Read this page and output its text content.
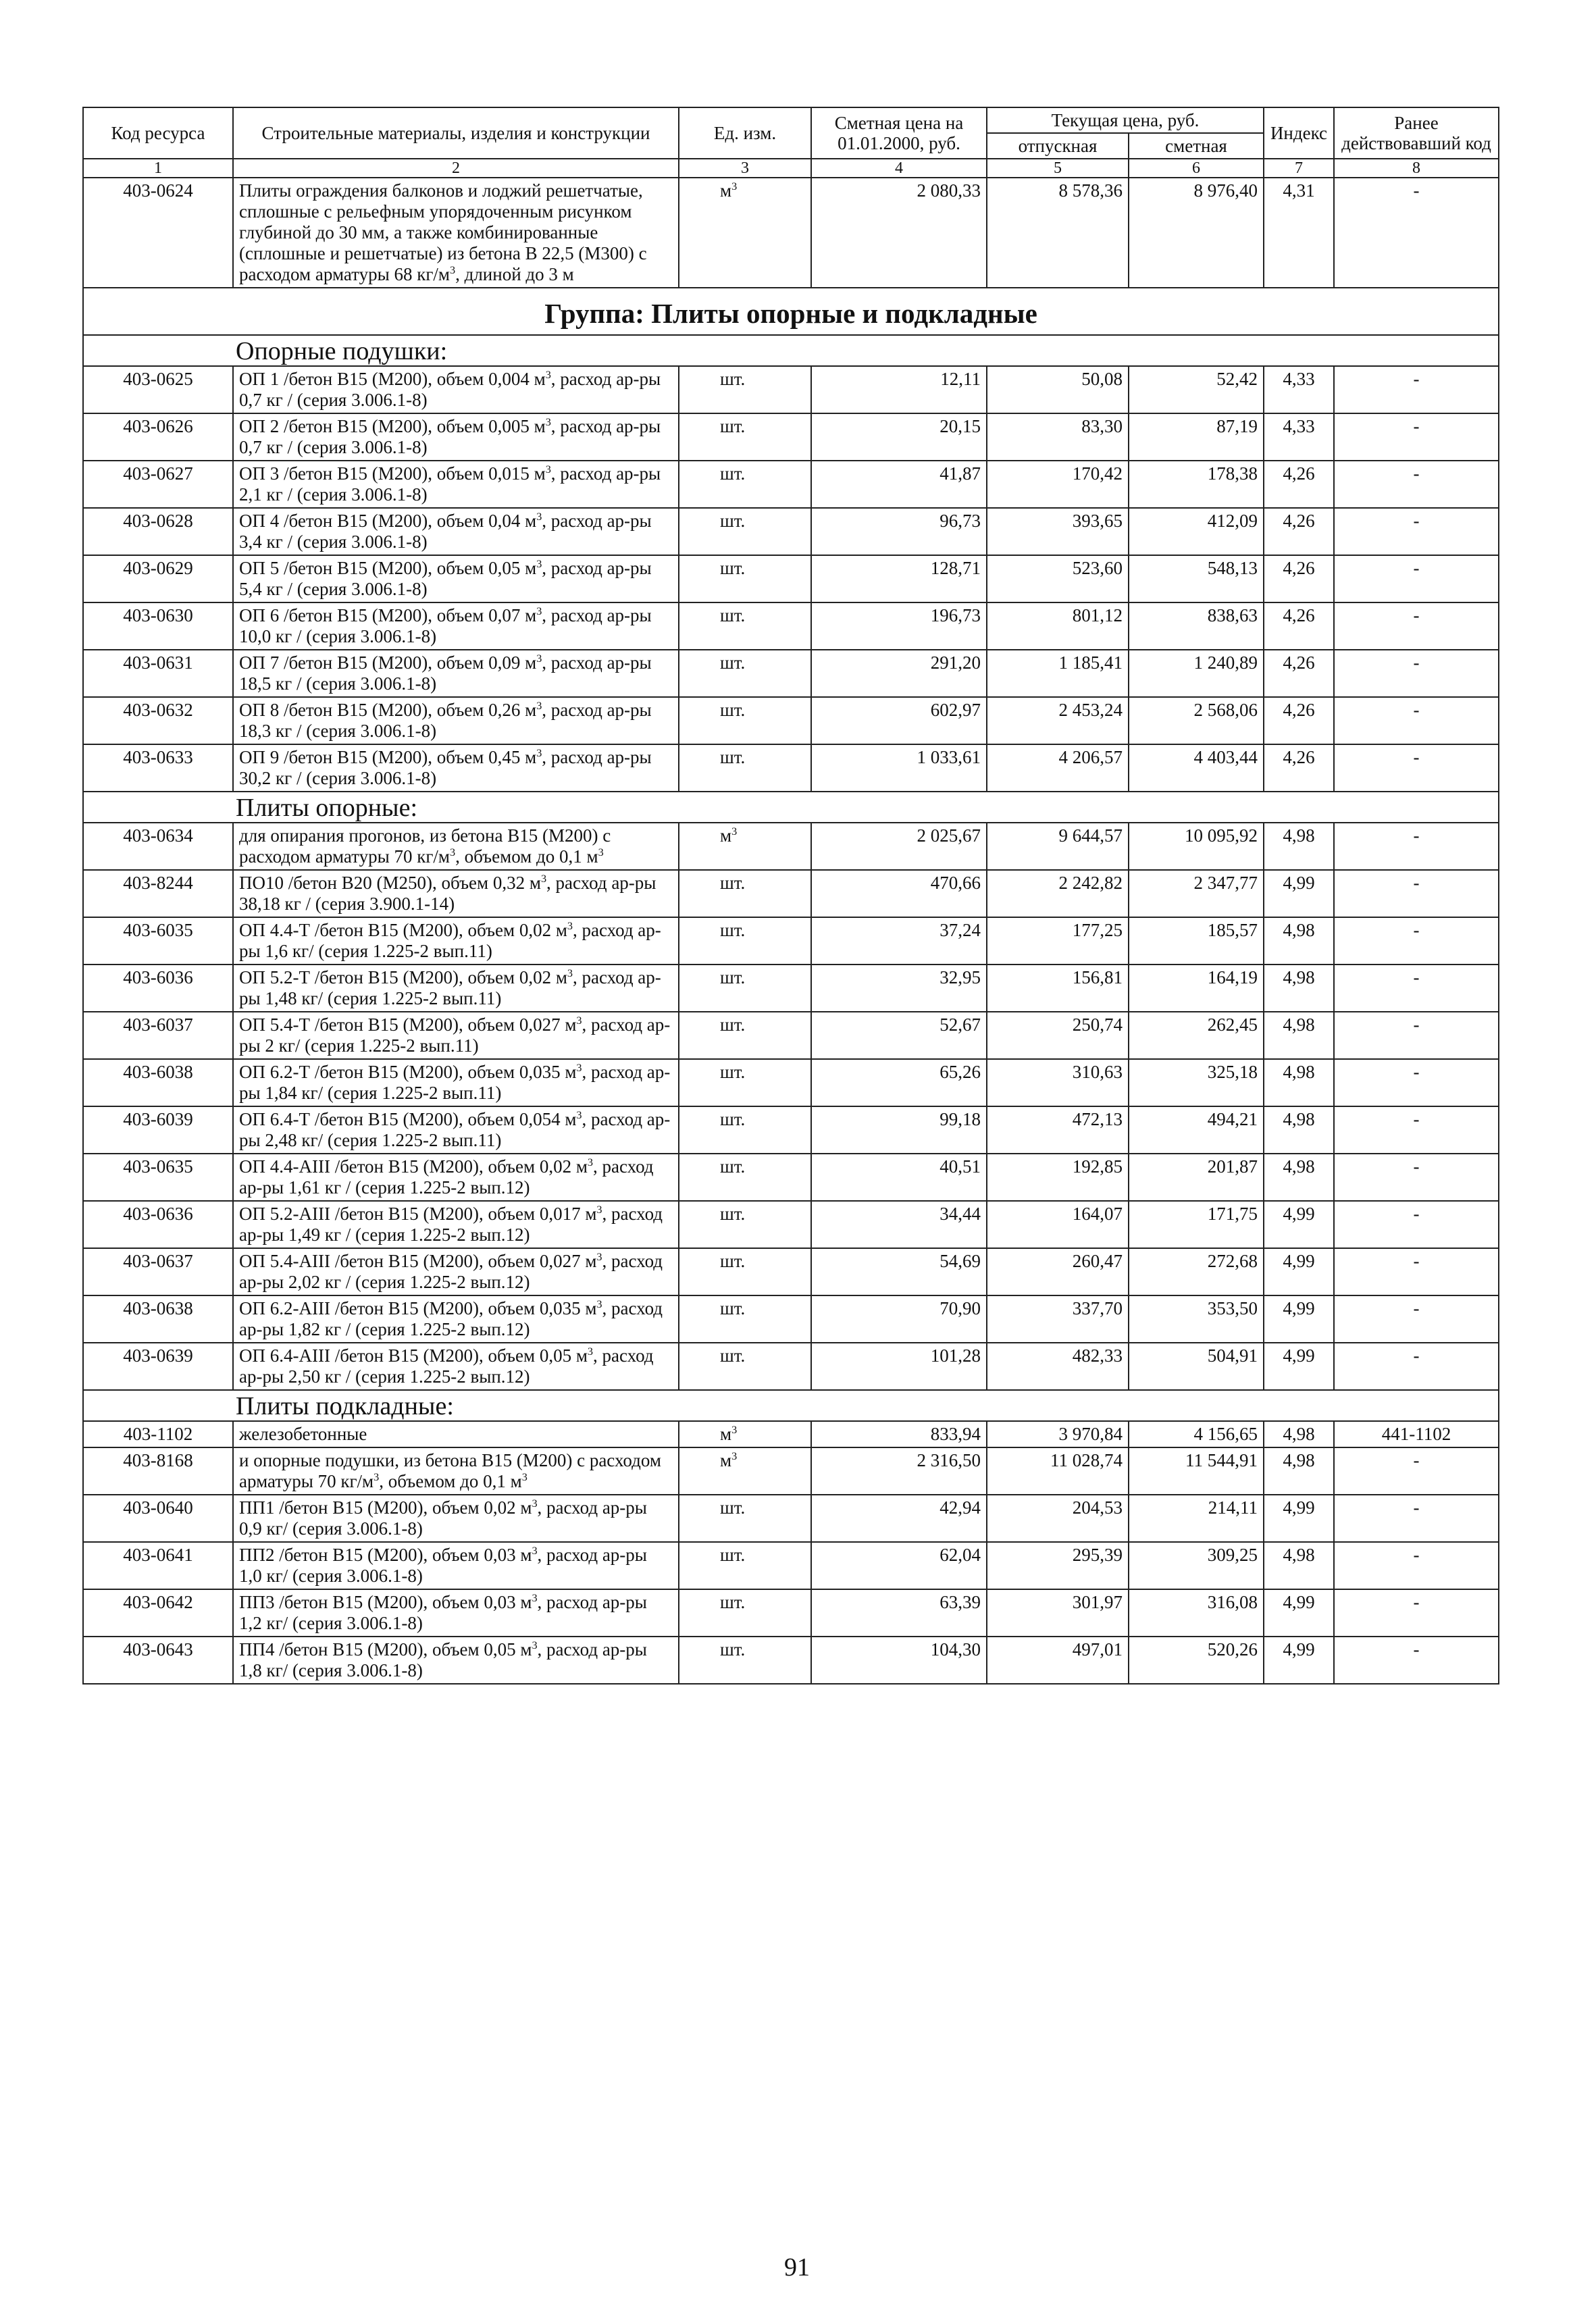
Код ресурса	Строительные материалы, изделия и конструкции	Ед. изм.	Сметная цена на 01.01.2000, руб.	Текущая цена, руб.		Индекс	Ранее действовавший код
				отпускная	сметная		
1	2	3	4	5	6	7	8
403-0624	Плиты ограждения балконов и лоджий решетчатые, сплошные с рельефным упорядоченным рисунком глубиной до 30 мм, а также комбинированные (сплошные и решетчатые) из бетона В 22,5 (М300) с расходом арматуры 68 $кг/м^3$, длиной до 3 м	$м^3$	2 080,33	8 578,36	8 976,40	4,31	-
Группа: Плиты опорные и подкладные							
Опорные подушки:							
403-0625	ОП 1 /бетон В15 (М200), объем 0,004 $м^3$, расход ар-ры 0,7 кг / (серия 3.006.1-8)	шт.	12,11	50,08	52,42	4,33	-
403-0626	ОП 2 /бетон В15 (М200), объем 0,005 $м^3$, расход ар-ры 0,7 кг / (серия 3.006.1-8)	шт.	20,15	83,30	87,19	4,33	-
403-0627	ОП 3 /бетон В15 (М200), объем 0,015 $м^3$, расход ар-ры 2,1 кг / (серия 3.006.1-8)	шт.	41,87	170,42	178,38	4,26	-
403-0628	ОП 4 /бетон В15 (М200), объем 0,04 $м^3$, расход ар-ры 3,4 кг / (серия 3.006.1-8)	шт.	96,73	393,65	412,09	4,26	-
403-0629	ОП 5 /бетон В15 (М200), объем 0,05 $м^3$, расход ар-ры 5,4 кг / (серия 3.006.1-8)	шт.	128,71	523,60	548,13	4,26	-
403-0630	ОП 6 /бетон В15 (М200), объем 0,07 $м^3$, расход ар-ры 10,0 кг / (серия 3.006.1-8)	шт.	196,73	801,12	838,63	4,26	-
403-0631	ОП 7 /бетон В15 (М200), объем 0,09 $м^3$, расход ар-ры 18,5 кг / (серия 3.006.1-8)	шт.	291,20	1 185,41	1 240,89	4,26	-
403-0632	ОП 8 /бетон В15 (М200), объем 0,26 $м^3$, расход ар-ры 18,3 кг / (серия 3.006.1-8)	шт.	602,97	2 453,24	2 568,06	4,26	-
403-0633	ОП 9 /бетон В15 (М200), объем 0,45 $м^3$, расход ар-ры 30,2 кг / (серия 3.006.1-8)	шт.	1 033,61	4 206,57	4 403,44	4,26	-
Плиты опорные:							
403-0634	для опирания прогонов, из бетона В15 (М200) с расходом арматуры 70 $кг/м^3$, объемом до 0,1 $м^3$	$м^3$	2 025,67	9 644,57	10 095,92	4,98	-
403-8244	ПО10 /бетон В20 (М250), объем 0,32 $м^3$, расход ар-ры 38,18 кг / (серия 3.900.1-14)	шт.	470,66	2 242,82	2 347,77	4,99	-
403-6035	ОП 4.4-Т /бетон В15 (М200), объем 0,02 $м^3$, расход ар-ры 1,6 кг/ (серия 1.225-2 вып.11)	шт.	37,24	177,25	185,57	4,98	-
403-6036	ОП 5.2-Т /бетон В15 (М200), объем 0,02 $м^3$, расход ар-ры 1,48 кг/ (серия 1.225-2 вып.11)	шт.	32,95	156,81	164,19	4,98	-
403-6037	ОП 5.4-Т /бетон В15 (М200), объем 0,027 $м^3$, расход ар-ры 2 кг/ (серия 1.225-2 вып.11)	шт.	52,67	250,74	262,45	4,98	-
403-6038	ОП 6.2-Т /бетон В15 (М200), объем 0,035 $м^3$, расход ар-ры 1,84 кг/ (серия 1.225-2 вып.11)	шт.	65,26	310,63	325,18	4,98	-
403-6039	ОП 6.4-Т /бетон В15 (М200), объем 0,054 $м^3$, расход ар-ры 2,48 кг/ (серия 1.225-2 вып.11)	шт.	99,18	472,13	494,21	4,98	-
403-0635	ОП 4.4-АIII /бетон В15 (М200), объем 0,02 $м^3$, расход ар-ры 1,61 кг / (серия 1.225-2 вып.12)	шт.	40,51	192,85	201,87	4,98	-
403-0636	ОП 5.2-АIII /бетон В15 (М200), объем 0,017 $м^3$, расход ар-ры 1,49 кг / (серия 1.225-2 вып.12)	шт.	34,44	164,07	171,75	4,99	-
403-0637	ОП 5.4-АIII /бетон В15 (М200), объем 0,027 $м^3$, расход ар-ры 2,02 кг / (серия 1.225-2 вып.12)	шт.	54,69	260,47	272,68	4,99	-
403-0638	ОП 6.2-АIII /бетон В15 (М200), объем 0,035 $м^3$, расход ар-ры 1,82 кг / (серия 1.225-2 вып.12)	шт.	70,90	337,70	353,50	4,99	-
403-0639	ОП 6.4-АIII /бетон В15 (М200), объем 0,05 $м^3$, расход ар-ры 2,50 кг / (серия 1.225-2 вып.12)	шт.	101,28	482,33	504,91	4,99	-
Плиты подкладные:							
403-1102	железобетонные	$м^3$	833,94	3 970,84	4 156,65	4,98	441-1102
403-8168	и опорные подушки, из бетона В15 (М200) с расходом арматуры 70 $кг/м^3$, объемом до 0,1 $м^3$	$м^3$	2 316,50	11 028,74	11 544,91	4,98	-
403-0640	ПП1 /бетон В15 (М200), объем 0,02 $м^3$, расход ар-ры 0,9 кг/ (серия 3.006.1-8)	шт.	42,94	204,53	214,11	4,99	-
403-0641	ПП2 /бетон В15 (М200), объем 0,03 $м^3$, расход ар-ры 1,0 кг/ (серия 3.006.1-8)	шт.	62,04	295,39	309,25	4,98	-
403-0642	ПП3 /бетон В15 (М200), объем 0,03 $м^3$, расход ар-ры 1,2 кг/ (серия 3.006.1-8)	шт.	63,39	301,97	316,08	4,99	-
403-0643	ПП4 /бетон В15 (М200), объем 0,05 $м^3$, расход ар-ры 1,8 кг/ (серия 3.006.1-8)	шт.	104,30	497,01	520,26	4,99	-
91
